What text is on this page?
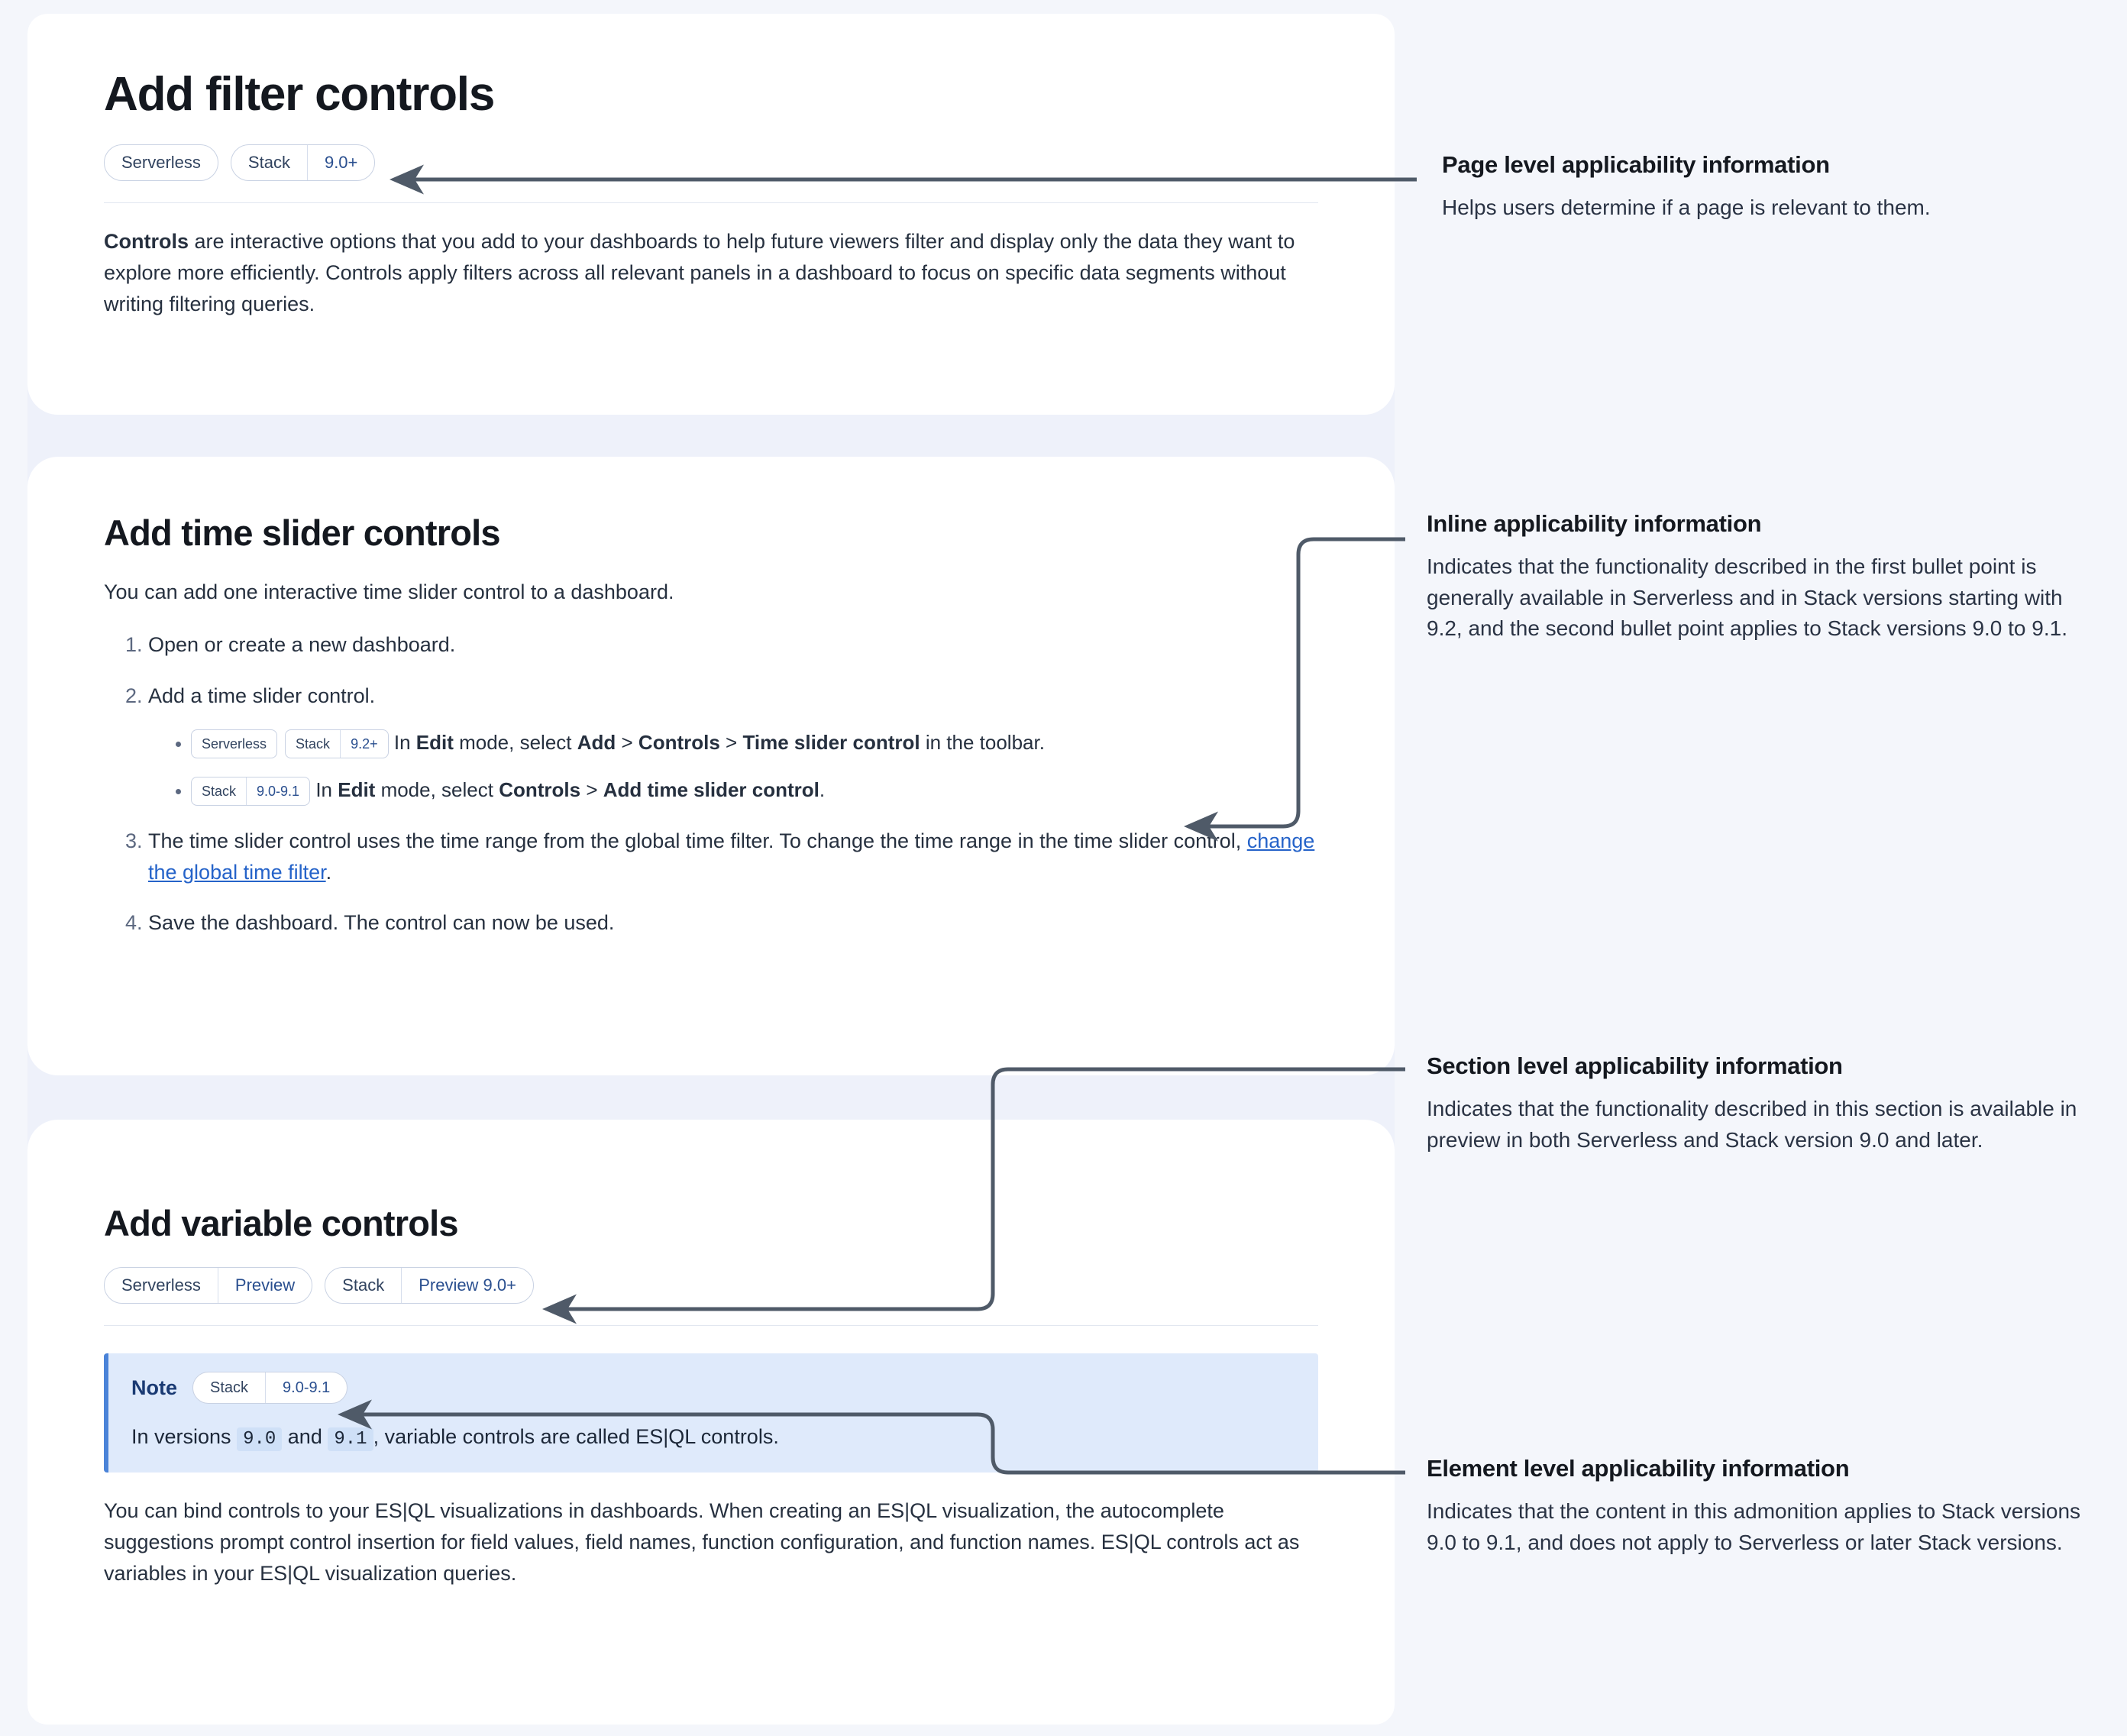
Add filter controls
Serverless	Stack	9.0+

Controls are interactive options that you add to your dashboards to help future viewers filter and display only the data they want to explore more efficiently. Controls apply filters across all relevant panels in a dashboard to focus on specific data segments without writing filtering queries.

Add time slider controls

You can add one interactive time slider control to a dashboard.

1. Open or create a new dashboard.
2. Add a time slider control.
• Serverless	Stack	9.2+ In Edit mode, select Add > Controls > Time slider control in the toolbar.
• Stack	9.0-9.1 In Edit mode, select Controls > Add time slider control.
3. The time slider control uses the time range from the global time filter. To change the time range in the time slider control, change the global time filter.
4. Save the dashboard. The control can now be used.
Add variable controls
Serverless	Preview	Stack	Preview 9.0+
Note	Stack	9.0-9.1
In versions 9.0 and 9.1 , variable controls are called ES|QL controls.

You can bind controls to your ES|QL visualizations in dashboards. When creating an ES|QL visualization, the autocomplete suggestions prompt control insertion for field values, field names, function configuration, and function names. ES|QL controls act as variables in your ES|QL visualization queries.

Page level applicability information

Helps users determine if a page is relevant to them.

Inline applicability information

Indicates that the functionality described in the first bullet point is generally available in Serverless and in Stack versions starting with 9.2, and the second bullet point applies to Stack versions 9.0 to 9.1.

Section level applicability information

Indicates that the functionality described in this section is available in preview in both Serverless and Stack version 9.0 and later.

Element level applicability information

Indicates that the content in this admonition applies to Stack versions 9.0 to 9.1, and does not apply to Serverless or later Stack versions.
